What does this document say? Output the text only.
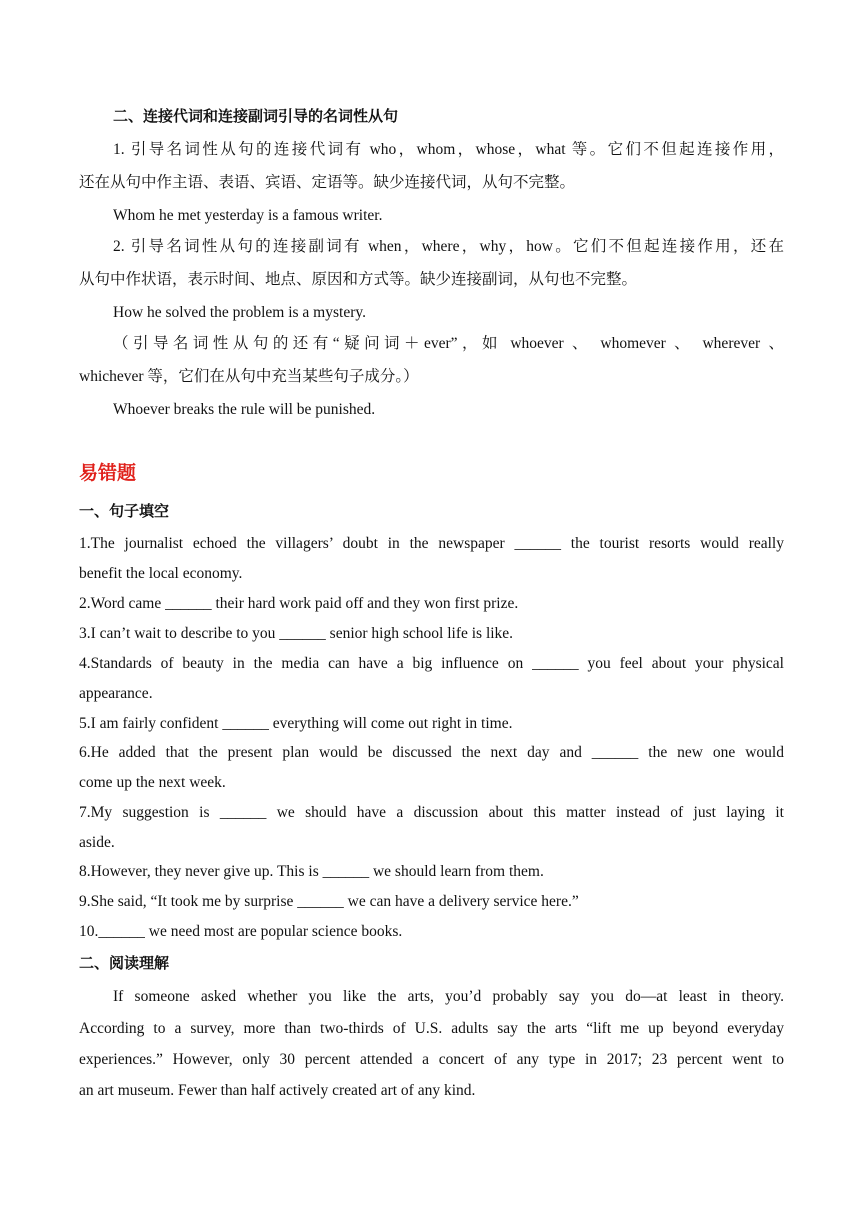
二、连接代词和连接副词引导的名词性从句
1. 引导名词性从句的连接代词有 who，whom，whose，what 等。它们不但起连接作用，
还在从句中作主语、表语、宾语、定语等。缺少连接代词，从句不完整。
Whom he met yesterday is a famous writer.
2. 引导名词性从句的连接副词有 when，where，why，how。它们不但起连接作用，还在
从句中作状语，表示时间、地点、原因和方式等。缺少连接副词，从句也不完整。
How he solved the problem is a mystery.
（引导名词性从句的还有“疑问词＋ever”，如 whoever 、 whomever 、 wherever 、
whichever 等，它们在从句中充当某些句子成分。）
Whoever breaks the rule will be punished.
易错题
一、句子填空
1.The journalist echoed the villagers’ doubt in the newspaper ______ the tourist resorts would really
benefit the local economy.
2.Word came ______ their hard work paid off and they won first prize.
3.I can’t wait to describe to you ______ senior high school life is like.
4.Standards of beauty in the media can have a big influence on ______ you feel about your physical
appearance.
5.I am fairly confident ______ everything will come out right in time.
6.He added that the present plan would be discussed the next day and ______ the new one would
come up the next week.
7.My suggestion is ______ we should have a discussion about this matter instead of just laying it
aside.
8.However, they never give up. This is ______ we should learn from them.
9.She said, “It took me by surprise ______ we can have a delivery service here.”
10.______ we need most are popular science books.
二、阅读理解
If someone asked whether you like the arts, you’d probably say you do—at least in theory.
According to a survey, more than two-thirds of U.S. adults say the arts “lift me up beyond everyday
experiences.” However, only 30 percent attended a concert of any type in 2017; 23 percent went to
an art museum. Fewer than half actively created art of any kind.
